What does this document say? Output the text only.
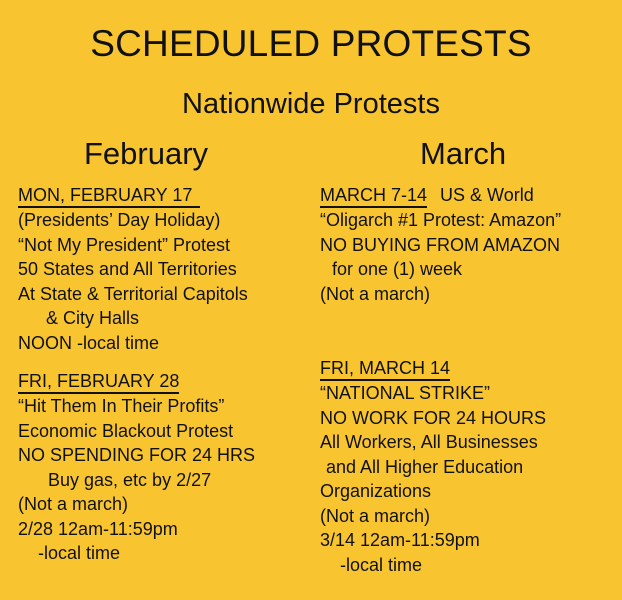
SCHEDULED PROTESTS
Nationwide Protests
February	March
MON, FEBRUARY 17
(Presidents’ Day Holiday)
“Not My President” Protest
50 States and All Territories
At State & Territorial Capitols
& City Halls
NOON -local time
FRI, FEBRUARY 28
“Hit Them In Their Profits”
Economic Blackout Protest
NO SPENDING FOR 24 HRS
Buy gas, etc by 2/27
(Not a march)
2/28 12am-11:59pm
-local time
MARCH 7-14 US & World
“Oligarch #1 Protest: Amazon”
NO BUYING FROM AMAZON
for one (1) week
(Not a march)
FRI, MARCH 14
“NATIONAL STRIKE”
NO WORK FOR 24 HOURS
All Workers, All Businesses
and All Higher Education
Organizations
(Not a march)
3/14 12am-11:59pm
-local time
